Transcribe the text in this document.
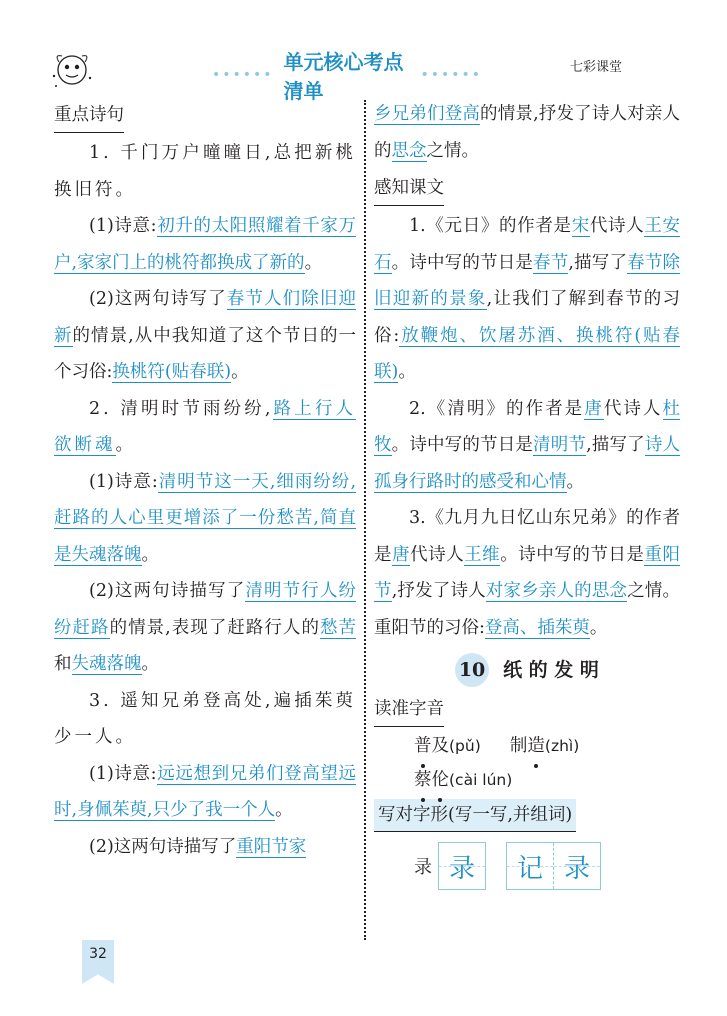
••••••
单元核心考点清单
••••••	七彩课堂
重点诗句

1. 千门万户曈曈日,总把新桃换旧符。

(1)诗意:初升的太阳照耀着千家万户,家家门上的桃符都换成了新的。

(2)这两句诗写了春节人们除旧迎新的情景,从中我知道了这个节日的一个习俗:换桃符(贴春联)。

2. 清明时节雨纷纷,路上行人欲断魂。

(1)诗意:清明节这一天,细雨纷纷,赶路的人心里更增添了一份愁苦,简直是失魂落魄。

(2)这两句诗描写了清明节行人纷纷赶路的情景,表现了赶路行人的愁苦和失魂落魄。

3. 遥知兄弟登高处,遍插茱萸少一人。

(1)诗意:远远想到兄弟们登高望远时,身佩茱萸,只少了我一个人。

(2)这两句诗描写了重阳节家

乡兄弟们登高的情景,抒发了诗人对亲人的思念之情。

感知课文

1.《元日》的作者是宋代诗人王安石。诗中写的节日是春节,描写了春节除旧迎新的景象,让我们了解到春节的习俗:放鞭炮、饮屠苏酒、换桃符(贴春联)。

2.《清明》的作者是唐代诗人杜牧。诗中写的节日是清明节,描写了诗人孤身行路时的感受和心情。

3.《九月九日忆山东兄弟》的作者是唐代诗人王维。诗中写的节日是重阳节,抒发了诗人对家乡亲人的思念之情。重阳节的习俗:登高、插茱萸。

10 纸 的 发 明
读准字音
普及(pǔ) 制造(zhì)
蔡伦(cài lún)
写对字形(写一写,并组词)
录 录	记 录
32
